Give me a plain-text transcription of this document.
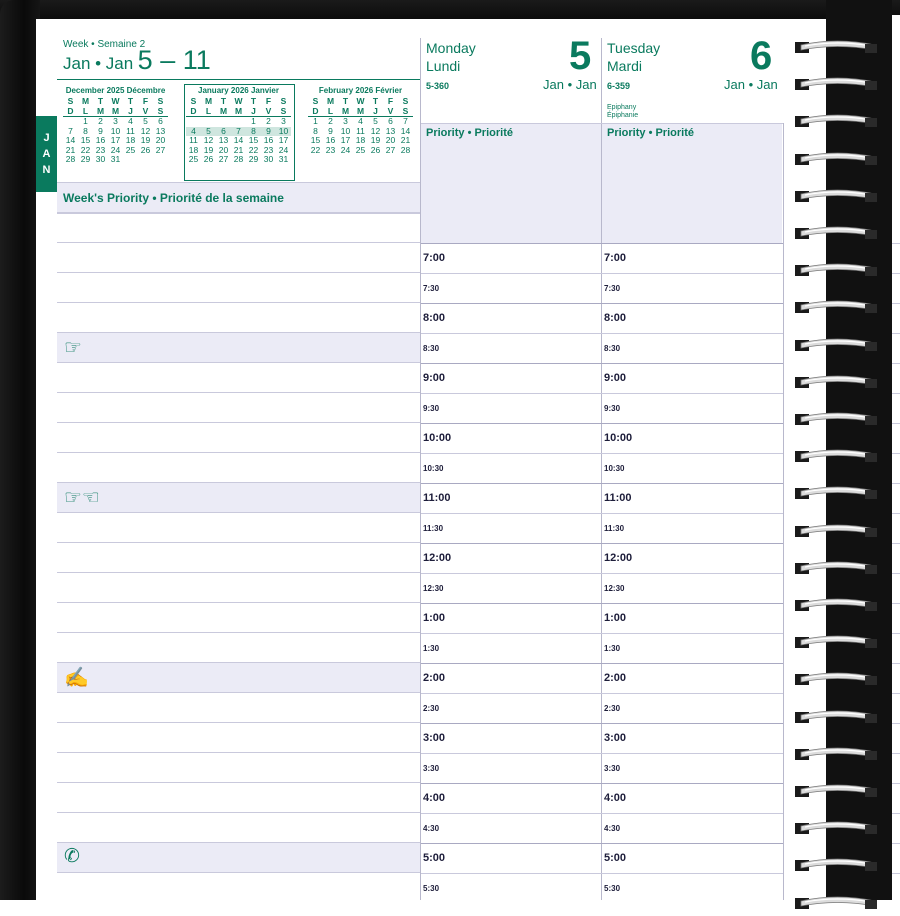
J
A
N
Week • Semaine 2
Jan • Jan 5 – 11
December 2025 Décembre
S	M	T	W	T	F	S
D	L	M	M	J	V	S
	1	2	3	4	5	6
7	8	9	10	11	12	13
14	15	16	17	18	19	20
21	22	23	24	25	26	27
28	29	30	31			
January 2026 Janvier
S	M	T	W	T	F	S
D	L	M	M	J	V	S
				1	2	3
4	5	6	7	8	9	10
11	12	13	14	15	16	17
18	19	20	21	22	23	24
25	26	27	28	29	30	31
February 2026 Février
S	M	T	W	T	F	S
D	L	M	M	J	V	S
1	2	3	4	5	6	7
8	9	10	11	12	13	14
15	16	17	18	19	20	21
22	23	24	25	26	27	28
Week's Priority • Priorité de la semaine
☞
☞☜
✍
✆
Monday
Lundi	5
Jan • Jan
5-360
Priority • Priorité
Tuesday
Mardi	6
Jan • Jan
6-359
Epiphany
Épiphanie
Priority • Priorité
7:00	7:00
7:30	7:30
8:00	8:00
8:30	8:30
9:00	9:00
9:30	9:30
10:00	10:00
10:30	10:30
11:00	11:00
11:30	11:30
12:00	12:00
12:30	12:30
1:00	1:00
1:30	1:30
2:00	2:00
2:30	2:30
3:00	3:00
3:30	3:30
4:00	4:00
4:30	4:30
5:00	5:00
5:30	5:30
